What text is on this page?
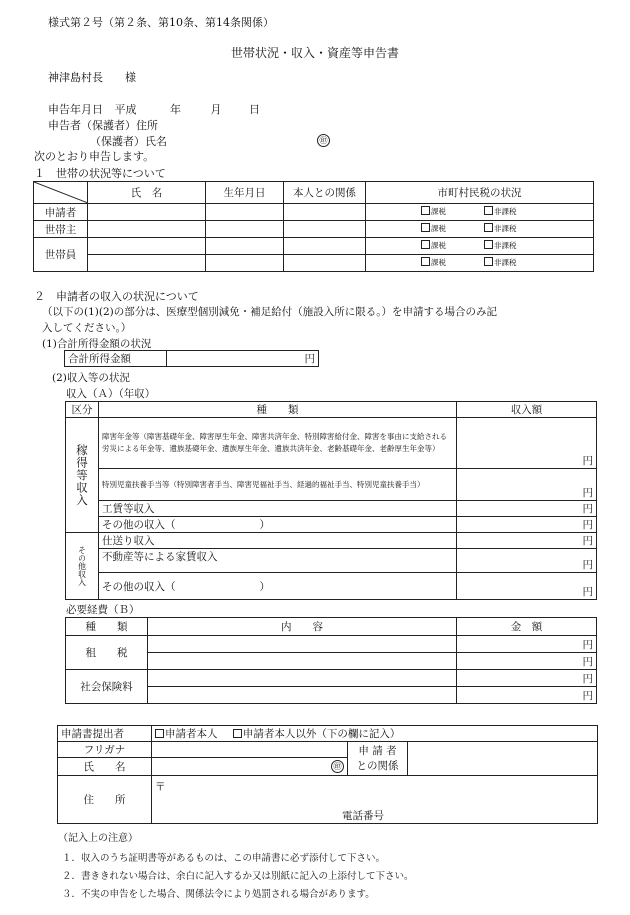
様式第２号（第２条、第10条、第14条関係）
世帯状況・収入・資産等申告書
神津島村長　　様
申告年月日 平成	年	月	日
申告者（保護者）住所
（保護者）氏名	㊞
次のとおり申告します。
１　世帯の状況等について
	氏　名	生年月日	本人との関係	市町村民税の状況
申請者				課税 非課税
世帯主				課税 非課税
世帯員				課税 非課税
				課税 非課税
２　申請者の収入の状況について
（以下の(1)(2)の部分は、医療型個別減免・補足給付（施設入所に限る。）を申請する場合のみ記
入してください。）
(1)合計所得金額の状況
合計所得金額	円
(2)収入等の状況
収入（Ａ）（年収）
区分	種　　類	収入額

稼得等収入	障害年金等（障害基礎年金、障害厚生年金、障害共済年金、特別障害給付金、障害を事由に支給される労災による年金等、遺族基礎年金、遺族厚生年金、遺族共済年金、老齢基礎年金、老齢厚生年金等）	円
	特別児童扶養手当等（特別障害者手当、障害児福祉手当、経過的福祉手当、特別児童扶養手当）	円
	工賃等収入	円
	その他の収入（　　　　　　　　）	円

その他収入	仕送り収入	円
	不動産等による家賃収入	円
	その他の収入（　　　　　　　　）	円
必要経費（Ｂ）
種　　類	内　　容	金　額
租　　税		円
		円
社会保険料		円
		円
申請書提出者	申請者本人 申請者本人以外（下の欄に記入）		
フリガナ		申 請 者
との関係	

氏　　名	㊞		
住　　所	〒
電話番号		
（記入上の注意）
１．収入のうち証明書等があるものは、この申請書に必ず添付して下さい。
２．書ききれない場合は、余白に記入するか又は別紙に記入の上添付して下さい。
３．不実の申告をした場合、関係法令により処罰される場合があります。
